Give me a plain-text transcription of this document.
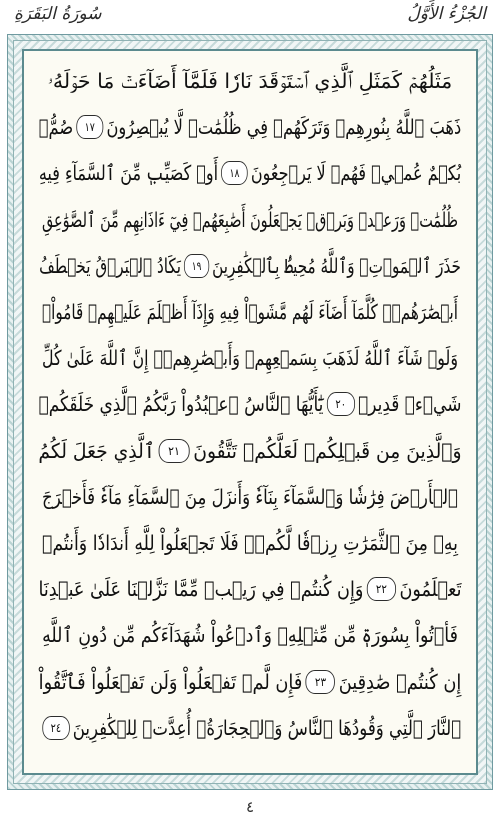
سُورَةُ البَقَرَةِ	الجُزْءُ الأَوَّلُ
مَثَلُهُمۡ كَمَثَلِ ٱلَّذِي ٱسۡتَوۡقَدَ نَارٗا فَلَمَّآ أَضَآءَتۡ مَا حَوۡلَهُۥ
ذَهَبَ ٱللَّهُ بِنُورِهِمۡ وَتَرَكَهُمۡ فِي ظُلُمَٰتٖ لَّا يُبۡصِرُونَ
١٧
صُمُّۢ
بُكۡمٌ عُمۡيٞ فَهُمۡ لَا يَرۡجِعُونَ
١٨
أَوۡ كَصَيِّبٖ مِّنَ ٱلسَّمَآءِ فِيهِ
ظُلُمَٰتٞ وَرَعۡدٞ وَبَرۡقٞ يَجۡعَلُونَ أَصَٰبِعَهُمۡ فِيٓ ءَاذَانِهِم مِّنَ ٱلصَّوَٰعِقِ
حَذَرَ ٱلۡمَوۡتِۚ وَٱللَّهُ مُحِيطُۢ بِٱلۡكَٰفِرِينَ
١٩
يَكَادُ ٱلۡبَرۡقُ يَخۡطَفُ
أَبۡصَٰرَهُمۡۖ كُلَّمَآ أَضَآءَ لَهُم مَّشَوۡاْ فِيهِ وَإِذَآ أَظۡلَمَ عَلَيۡهِمۡ قَامُواْۚ
وَلَوۡ شَآءَ ٱللَّهُ لَذَهَبَ بِسَمۡعِهِمۡ وَأَبۡصَٰرِهِمۡۚ إِنَّ ٱللَّهَ عَلَىٰ كُلِّ
شَيۡءٖ قَدِيرٞ
٢٠
يَٰٓأَيُّهَا ٱلنَّاسُ ٱعۡبُدُواْ رَبَّكُمُ ٱلَّذِي خَلَقَكُمۡ
وَٱلَّذِينَ مِن قَبۡلِكُمۡ لَعَلَّكُمۡ تَتَّقُونَ
٢١
ٱلَّذِي جَعَلَ لَكُمُ
ٱلۡأَرۡضَ فِرَٰشٗا وَٱلسَّمَآءَ بِنَآءٗ وَأَنزَلَ مِنَ ٱلسَّمَآءِ مَآءٗ فَأَخۡرَجَ
بِهِۦ مِنَ ٱلثَّمَرَٰتِ رِزۡقٗا لَّكُمۡۖ فَلَا تَجۡعَلُواْ لِلَّهِ أَندَادٗا وَأَنتُمۡ
تَعۡلَمُونَ
٢٢
وَإِن كُنتُمۡ فِي رَيۡبٖ مِّمَّا نَزَّلۡنَا عَلَىٰ عَبۡدِنَا
فَأۡتُواْ بِسُورَةٖ مِّن مِّثۡلِهِۦ وَٱدۡعُواْ شُهَدَآءَكُم مِّن دُونِ ٱللَّهِ
إِن كُنتُمۡ صَٰدِقِينَ
٢٣
فَإِن لَّمۡ تَفۡعَلُواْ وَلَن تَفۡعَلُواْ فَٱتَّقُواْ
ٱلنَّارَ ٱلَّتِي وَقُودُهَا ٱلنَّاسُ وَٱلۡحِجَارَةُۖ أُعِدَّتۡ لِلۡكَٰفِرِينَ
٢٤
٤
